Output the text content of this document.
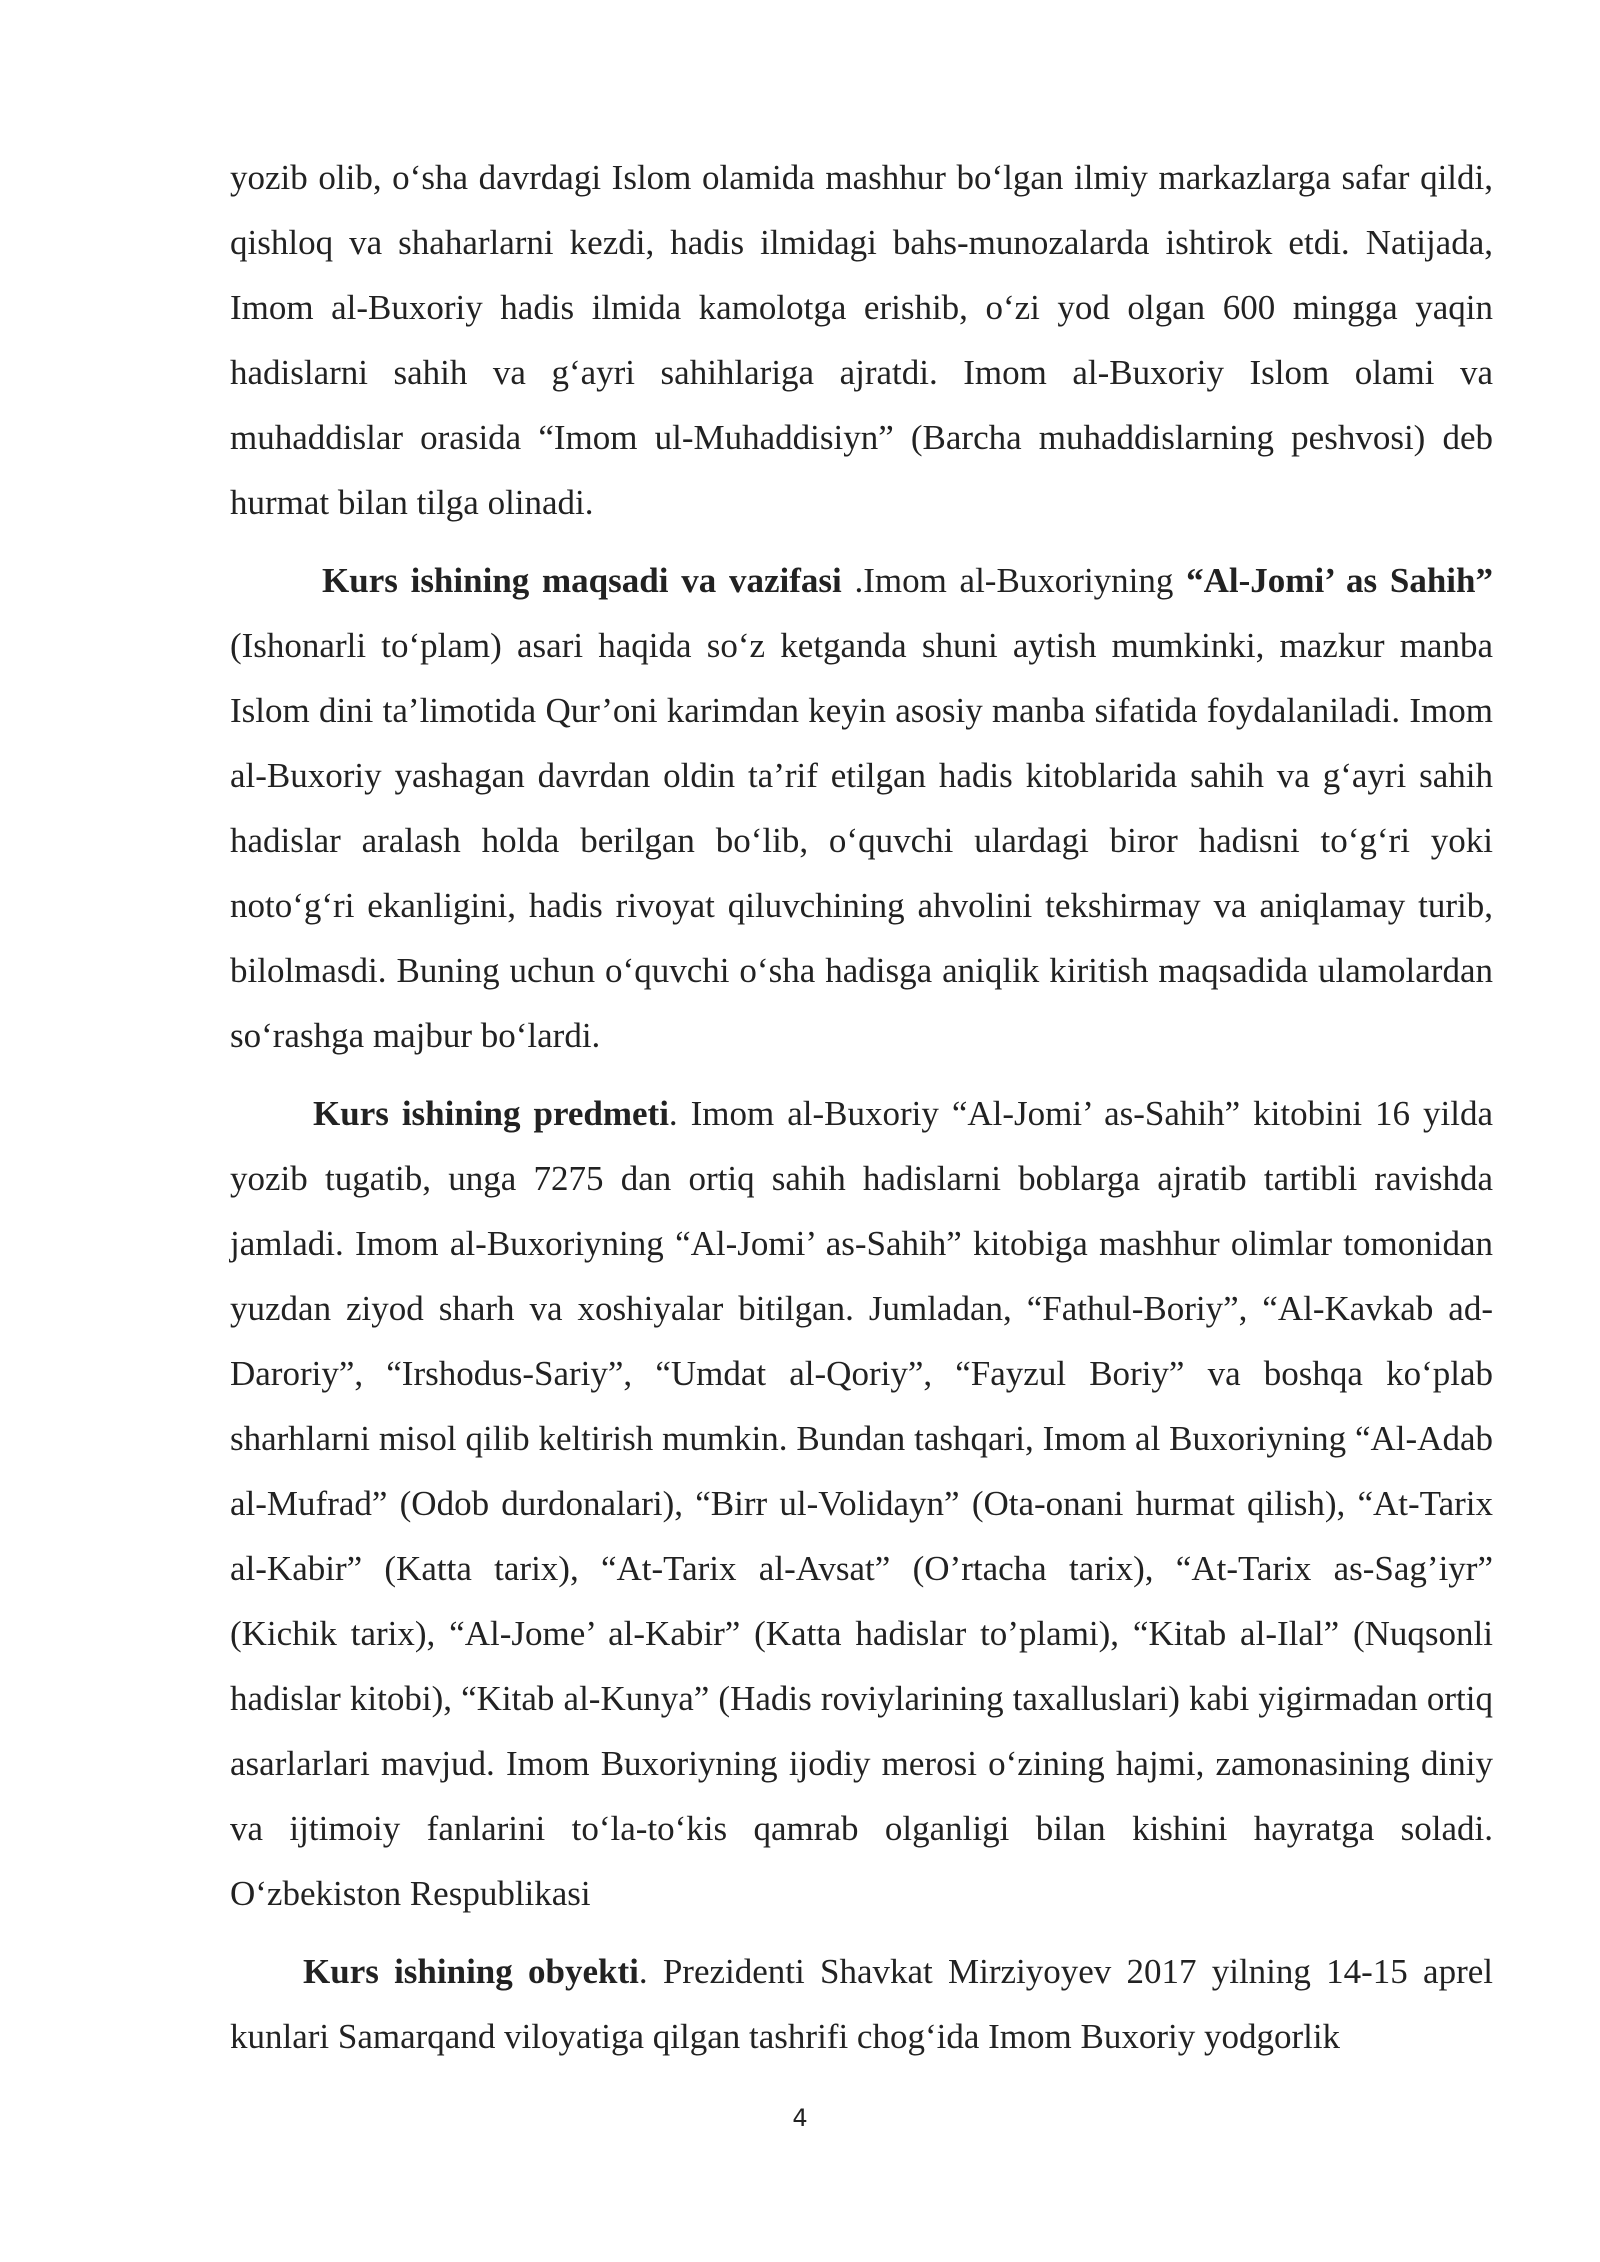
yozib olib, o‘sha davrdagi Islom olamida mashhur bo‘lgan ilmiy markazlarga safar qildi, qishloq va shaharlarni kezdi, hadis ilmidagi bahs-munozalarda ishtirok etdi. Natijada, Imom al-Buxoriy hadis ilmida kamolotga erishib, o‘zi yod olgan 600 mingga yaqin hadislarni sahih va g‘ayri sahihlariga ajratdi. Imom al-Buxoriy Islom olami va muhaddislar orasida “Imom ul-Muhaddisiyn” (Barcha muhaddislarning peshvosi) deb hurmat bilan tilga olinadi.

Kurs ishining maqsadi va vazifasi .Imom al-Buxoriyning “Al-Jomi’ as Sahih” (Ishonarli to‘plam) asari haqida so‘z ketganda shuni aytish mumkinki, mazkur manba Islom dini ta’limotida Qur’oni karimdan keyin asosiy manba sifatida foydalaniladi. Imom al-Buxoriy yashagan davrdan oldin ta’rif etilgan hadis kitoblarida sahih va g‘ayri sahih hadislar aralash holda berilgan bo‘lib, o‘quvchi ulardagi biror hadisni to‘g‘ri yoki noto‘g‘ri ekanligini, hadis rivoyat qiluvchining ahvolini tekshirmay va aniqlamay turib, bilolmasdi. Buning uchun o‘quvchi o‘sha hadisga aniqlik kiritish maqsadida ulamolardan so‘rashga majbur bo‘lardi.

Kurs ishining predmeti. Imom al-Buxoriy “Al-Jomi’ as-Sahih” kitobini 16 yilda yozib tugatib, unga 7275 dan ortiq sahih hadislarni boblarga ajratib tartibli ravishda jamladi. Imom al-Buxoriyning “Al-Jomi’ as-Sahih” kitobiga mashhur olimlar tomonidan yuzdan ziyod sharh va xoshiyalar bitilgan. Jumladan, “Fathul-Boriy”, “Al-Kavkab ad-Daroriy”, “Irshodus-Sariy”, “Umdat al-Qoriy”, “Fayzul Boriy” va boshqa ko‘plab sharhlarni misol qilib keltirish mumkin. Bundan tashqari, Imom al Buxoriyning “Al-Adab al-Mufrad” (Odob durdonalari), “Birr ul-Volidayn” (Ota-onani hurmat qilish), “At-Tarix al-Kabir” (Katta tarix), “At-Tarix al-Avsat” (O’rtacha tarix), “At-Tarix as-Sag’iyr” (Kichik tarix), “Al-Jome’ al-Kabir” (Katta hadislar to’plami), “Kitab al-Ilal” (Nuqsonli hadislar kitobi), “Kitab al-Kunya” (Hadis roviylarining taxalluslari) kabi yigirmadan ortiq asarlarlari mavjud. Imom Buxoriyning ijodiy merosi o‘zining hajmi, zamonasining diniy va ijtimoiy fanlarini to‘la-to‘kis qamrab olganligi bilan kishini hayratga soladi. O‘zbekiston Respublikasi

Kurs ishining obyekti. Prezidenti Shavkat Mirziyoyev 2017 yilning 14-15 aprel kunlari Samarqand viloyatiga qilgan tashrifi chog‘ida Imom Buxoriy yodgorlik

4
